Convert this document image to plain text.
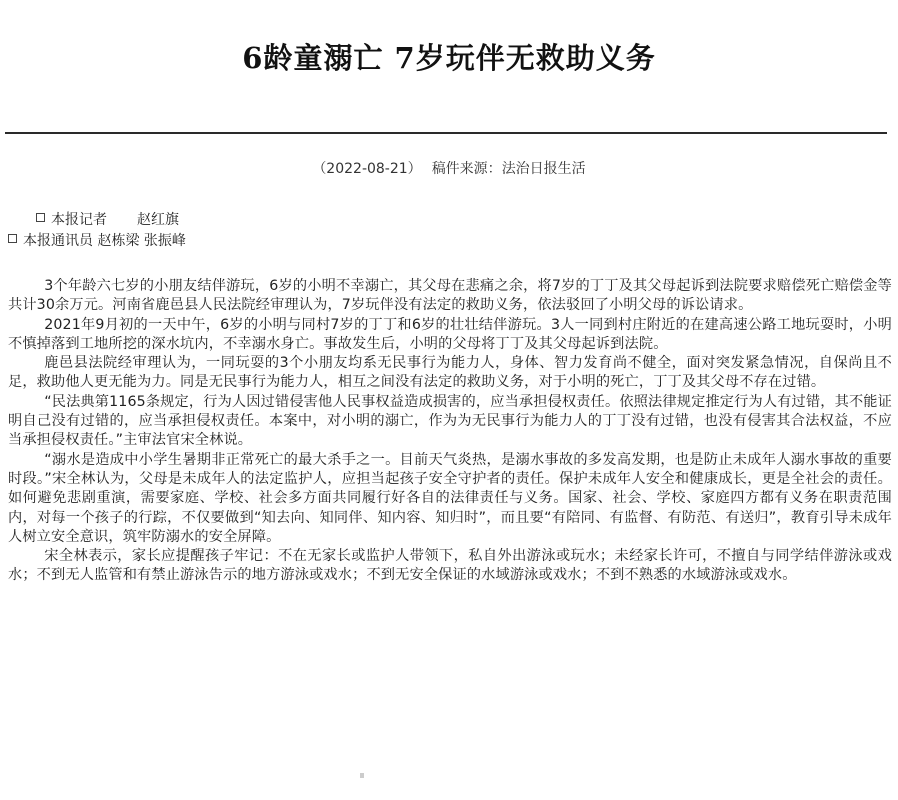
6龄童溺亡 7岁玩伴无救助义务
（2022-08-21） 稿件来源：法治日报生活
本报记者 赵红旗
本报通讯员 赵栋梁 张振峰

3个年龄六七岁的小朋友结伴游玩，6岁的小明不幸溺亡，其父母在悲痛之余，将7岁的丁丁及其父母起诉到法院要求赔偿死亡赔偿金等共计30余万元。河南省鹿邑县人民法院经审理认为，7岁玩伴没有法定的救助义务，依法驳回了小明父母的诉讼请求。

2021年9月初的一天中午，6岁的小明与同村7岁的丁丁和6岁的壮壮结伴游玩。3人一同到村庄附近的在建高速公路工地玩耍时，小明不慎掉落到工地所挖的深水坑内，不幸溺水身亡。事故发生后，小明的父母将丁丁及其父母起诉到法院。

鹿邑县法院经审理认为，一同玩耍的3个小朋友均系无民事行为能力人，身体、智力发育尚不健全，面对突发紧急情况，自保尚且不足，救助他人更无能为力。同是无民事行为能力人，相互之间没有法定的救助义务，对于小明的死亡，丁丁及其父母不存在过错。

“民法典第1165条规定，行为人因过错侵害他人民事权益造成损害的，应当承担侵权责任。依照法律规定推定行为人有过错，其不能证明自己没有过错的，应当承担侵权责任。本案中，对小明的溺亡，作为为无民事行为能力人的丁丁没有过错，也没有侵害其合法权益，不应当承担侵权责任。”主审法官宋全林说。

“溺水是造成中小学生暑期非正常死亡的最大杀手之一。目前天气炎热，是溺水事故的多发高发期，也是防止未成年人溺水事故的重要时段。”宋全林认为，父母是未成年人的法定监护人，应担当起孩子安全守护者的责任。保护未成年人安全和健康成长，更是全社会的责任。如何避免悲剧重演，需要家庭、学校、社会多方面共同履行好各自的法律责任与义务。国家、社会、学校、家庭四方都有义务在职责范围内，对每一个孩子的行踪，不仅要做到“知去向、知同伴、知内容、知归时”，而且要“有陪同、有监督、有防范、有送归”，教育引导未成年人树立安全意识，筑牢防溺水的安全屏障。

宋全林表示，家长应提醒孩子牢记：不在无家长或监护人带领下，私自外出游泳或玩水；未经家长许可，不擅自与同学结伴游泳或戏水；不到无人监管和有禁止游泳告示的地方游泳或戏水；不到无安全保证的水域游泳或戏水；不到不熟悉的水域游泳或戏水。
